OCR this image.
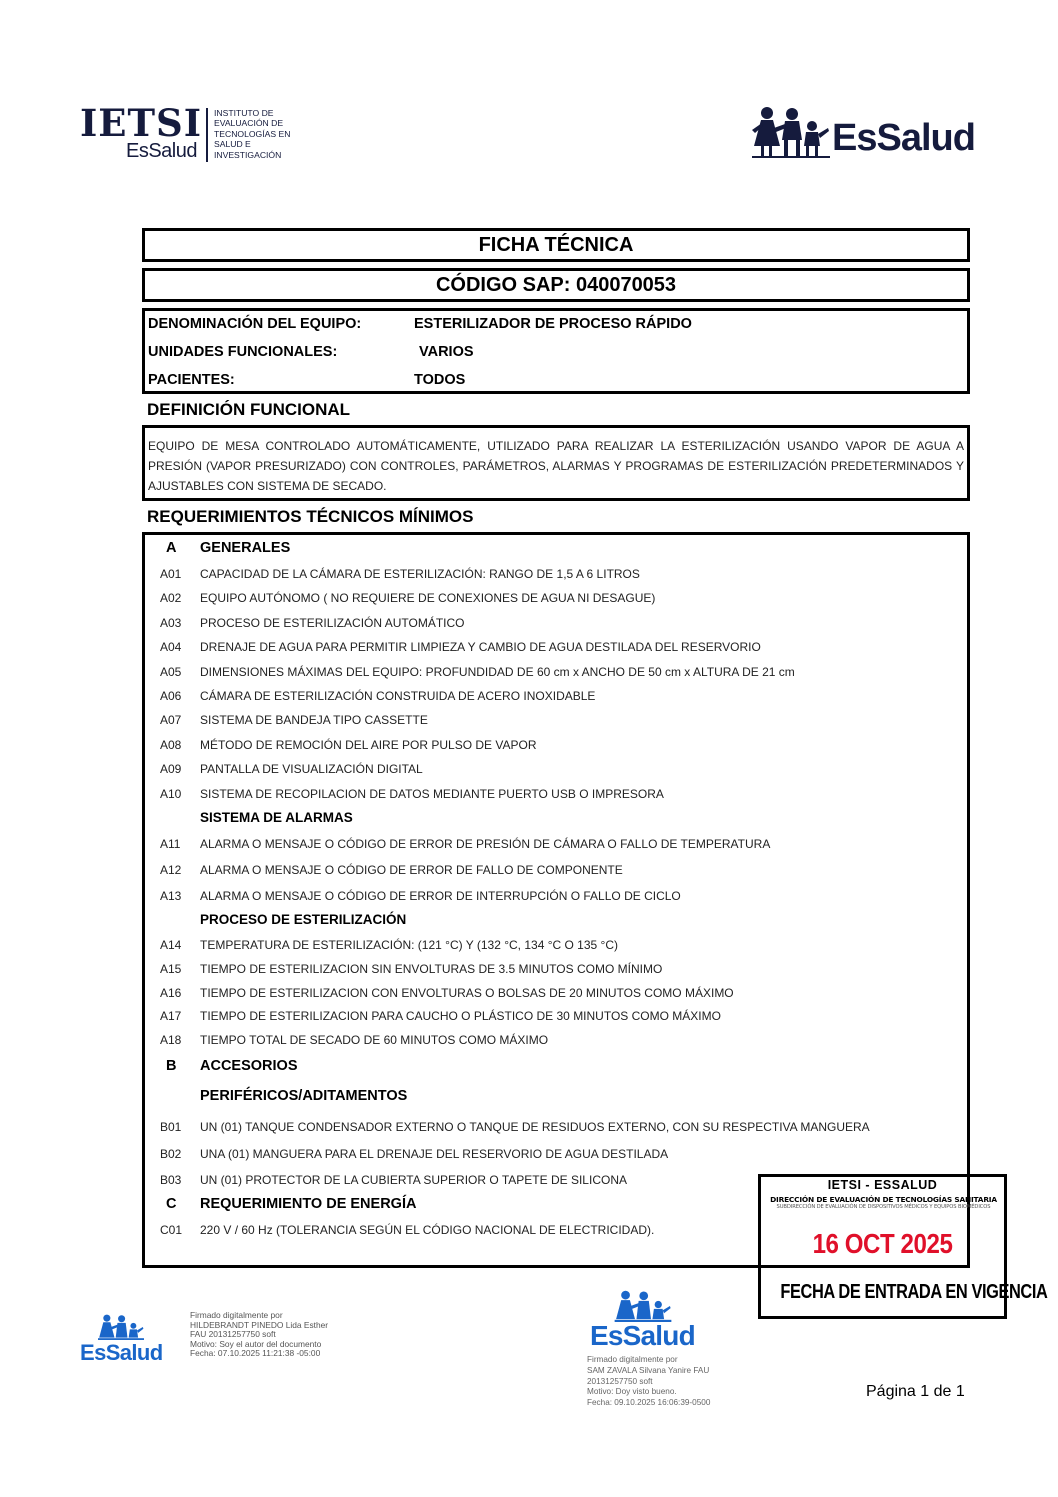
IETSI
EsSalud
INSTITUTO DE
EVALUACIÓN DE
TECNOLOGÍAS EN
SALUD E
INVESTIGACIÓN	EsSalud
FICHA TÉCNICA
CÓDIGO SAP: 040070053
DENOMINACIÓN DEL EQUIPO:	ESTERILIZADOR DE PROCESO RÁPIDO
UNIDADES FUNCIONALES:	VARIOS
PACIENTES:	TODOS
DEFINICIÓN FUNCIONAL
EQUIPO DE MESA CONTROLADO AUTOMÁTICAMENTE, UTILIZADO PARA REALIZAR LA ESTERILIZACIÓN USANDO VAPOR DE AGUA A PRESIÓN (VAPOR PRESURIZADO) CON CONTROLES, PARÁMETROS, ALARMAS Y PROGRAMAS DE ESTERILIZACIÓN PREDETERMINADOS Y AJUSTABLES CON SISTEMA DE SECADO.
REQUERIMIENTOS TÉCNICOS MÍNIMOS
A GENERALES
A01 CAPACIDAD DE LA CÁMARA DE ESTERILIZACIÓN: RANGO DE 1,5 A 6 LITROS
A02 EQUIPO AUTÓNOMO ( NO REQUIERE DE CONEXIONES DE AGUA NI DESAGUE)
A03 PROCESO DE ESTERILIZACIÓN AUTOMÁTICO
A04 DRENAJE DE AGUA PARA PERMITIR LIMPIEZA Y CAMBIO DE AGUA DESTILADA DEL RESERVORIO
A05 DIMENSIONES MÁXIMAS DEL EQUIPO: PROFUNDIDAD DE 60 cm x ANCHO DE 50 cm x ALTURA DE 21 cm
A06 CÁMARA DE ESTERILIZACIÓN CONSTRUIDA DE ACERO INOXIDABLE
A07 SISTEMA DE BANDEJA TIPO CASSETTE
A08 MÉTODO DE REMOCIÓN DEL AIRE POR PULSO DE VAPOR
A09 PANTALLA DE VISUALIZACIÓN DIGITAL
A10 SISTEMA DE RECOPILACION DE DATOS MEDIANTE PUERTO USB O IMPRESORA
SISTEMA DE ALARMAS
A11 ALARMA O MENSAJE O CÓDIGO DE ERROR DE PRESIÓN DE CÁMARA O FALLO DE TEMPERATURA
A12 ALARMA O MENSAJE O CÓDIGO DE ERROR DE FALLO DE COMPONENTE
A13 ALARMA O MENSAJE O CÓDIGO DE ERROR DE INTERRUPCIÓN O FALLO DE CICLO
PROCESO DE ESTERILIZACIÓN
A14 TEMPERATURA DE ESTERILIZACIÓN: (121 °C) Y (132 °C, 134 °C O 135 °C)
A15 TIEMPO DE ESTERILIZACION SIN ENVOLTURAS DE 3.5 MINUTOS COMO MÍNIMO
A16 TIEMPO DE ESTERILIZACION CON ENVOLTURAS O BOLSAS DE 20 MINUTOS COMO MÁXIMO
A17 TIEMPO DE ESTERILIZACION PARA CAUCHO O PLÁSTICO DE 30 MINUTOS COMO MÁXIMO
A18 TIEMPO TOTAL DE SECADO DE 60 MINUTOS COMO MÁXIMO
B ACCESORIOS
PERIFÉRICOS/ADITAMENTOS
B01 UN (01) TANQUE CONDENSADOR EXTERNO O TANQUE DE RESIDUOS EXTERNO, CON SU RESPECTIVA MANGUERA
B02 UNA (01) MANGUERA PARA EL DRENAJE DEL RESERVORIO DE AGUA DESTILADA
B03 UN (01) PROTECTOR DE LA CUBIERTA SUPERIOR O TAPETE DE SILICONA
C REQUERIMIENTO DE ENERGÍA
C01 220 V / 60 Hz (TOLERANCIA SEGÚN EL CÓDIGO NACIONAL DE ELECTRICIDAD).
IETSI - ESSALUD
DIRECCIÓN DE EVALUACIÓN DE TECNOLOGÍAS SANITARIA
SUBDIRECCIÓN DE EVALUACIÓN DE DISPOSITIVOS MÉDICOS Y EQUIPOS BIOMÉDICOS
16 OCT 2025
FECHA DE ENTRADA EN VIGENCIA
EsSalud
Firmado digitalmente por
HILDEBRANDT PINEDO Lida Esther
FAU 20131257750 soft
Motivo: Soy el autor del documento
Fecha: 07.10.2025 11:21:38 -05:00
EsSalud
Firmado digitalmente por
SAM ZAVALA Silvana Yanire FAU
20131257750 soft
Motivo: Doy visto bueno.
Fecha: 09.10.2025 16:06:39-0500
Página 1 de 1
